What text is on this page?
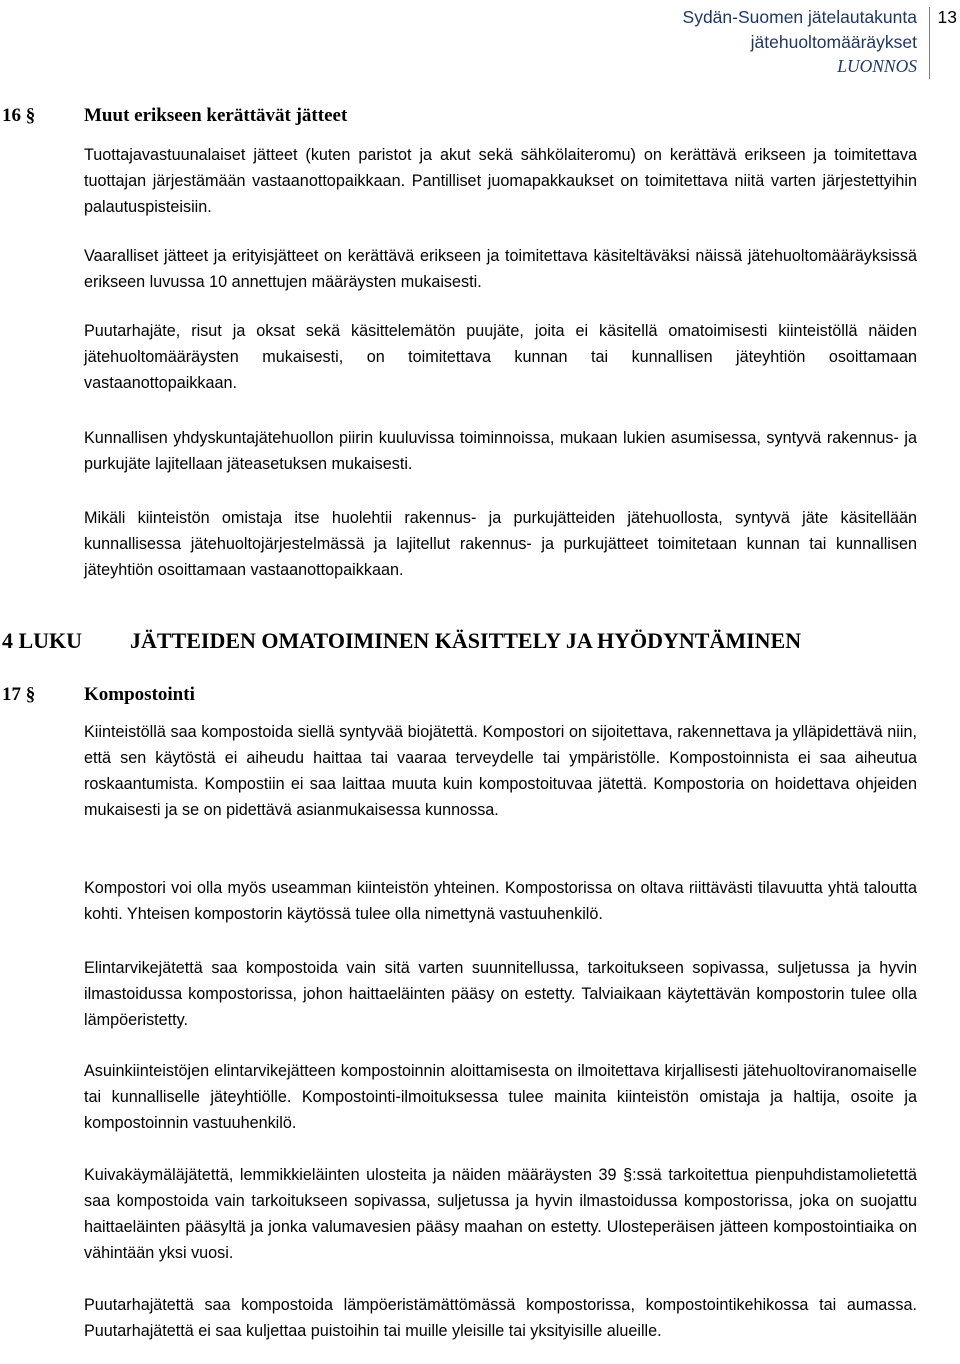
Sydän-Suomen jätelautakunta
jätehuoltomääräykset
LUONNOS
13
16 §	Muut erikseen kerättävät jätteet

Tuottajavastuunalaiset jätteet (kuten paristot ja akut sekä sähkölaiteromu) on kerättävä erikseen ja toimitettava tuottajan järjestämään vastaanottopaikkaan. Pantilliset juomapakkaukset on toimitettava niitä varten järjestettyihin palautuspisteisiin.

Vaaralliset jätteet ja erityisjätteet on kerättävä erikseen ja toimitettava käsiteltäväksi näissä jätehuoltomääräyksissä erikseen luvussa 10 annettujen määräysten mukaisesti.

Puutarhajäte, risut ja oksat sekä käsittelemätön puujäte, joita ei käsitellä omatoimisesti kiinteistöllä näiden jätehuoltomääräysten mukaisesti, on toimitettava kunnan tai kunnallisen jäteyhtiön osoittamaan vastaanottopaikkaan.

Kunnallisen yhdyskuntajätehuollon piirin kuuluvissa toiminnoissa, mukaan lukien asumisessa, syntyvä rakennus- ja purkujäte lajitellaan jäteasetuksen mukaisesti.

Mikäli kiinteistön omistaja itse huolehtii rakennus- ja purkujätteiden jätehuollosta, syntyvä jäte käsitellään kunnallisessa jätehuoltojärjestelmässä ja lajitellut rakennus- ja purkujätteet toimitetaan kunnan tai kunnallisen jäteyhtiön osoittamaan vastaanottopaikkaan.

4 LUKU JÄTTEIDEN OMATOIMINEN KÄSITTELY JA HYÖDYNTÄMINEN
17 §	Kompostointi

Kiinteistöllä saa kompostoida siellä syntyvää biojätettä. Kompostori on sijoitettava, rakennettava ja ylläpidettävä niin, että sen käytöstä ei aiheudu haittaa tai vaaraa terveydelle tai ympäristölle. Kompostoinnista ei saa aiheutua roskaantumista. Kompostiin ei saa laittaa muuta kuin kompostoituvaa jätettä. Kompostoria on hoidettava ohjeiden mukaisesti ja se on pidettävä asianmukaisessa kunnossa.

Kompostori voi olla myös useamman kiinteistön yhteinen. Kompostorissa on oltava riittävästi tilavuutta yhtä taloutta kohti. Yhteisen kompostorin käytössä tulee olla nimettynä vastuuhenkilö.

Elintarvikejätettä saa kompostoida vain sitä varten suunnitellussa, tarkoitukseen sopivassa, suljetussa ja hyvin ilmastoidussa kompostorissa, johon haittaeläinten pääsy on estetty. Talviaikaan käytettävän kompostorin tulee olla lämpöeristetty.

Asuinkiinteistöjen elintarvikejätteen kompostoinnin aloittamisesta on ilmoitettava kirjallisesti jätehuoltoviranomaiselle tai kunnalliselle jäteyhtiölle. Kompostointi-ilmoituksessa tulee mainita kiinteistön omistaja ja haltija, osoite ja kompostoinnin vastuuhenkilö.

Kuivakäymäläjätettä, lemmikkieläinten ulosteita ja näiden määräysten 39 §:ssä tarkoitettua pienpuhdistamolietettä saa kompostoida vain tarkoitukseen sopivassa, suljetussa ja hyvin ilmastoidussa kompostorissa, joka on suojattu haittaeläinten pääsyltä ja jonka valumavesien pääsy maahan on estetty. Ulosteperäisen jätteen kompostointiaika on vähintään yksi vuosi.

Puutarhajätettä saa kompostoida lämpöeristämättömässä kompostorissa, kompostointikehikossa tai aumassa. Puutarhajätettä ei saa kuljettaa puistoihin tai muille yleisille tai yksityisille alueille.
